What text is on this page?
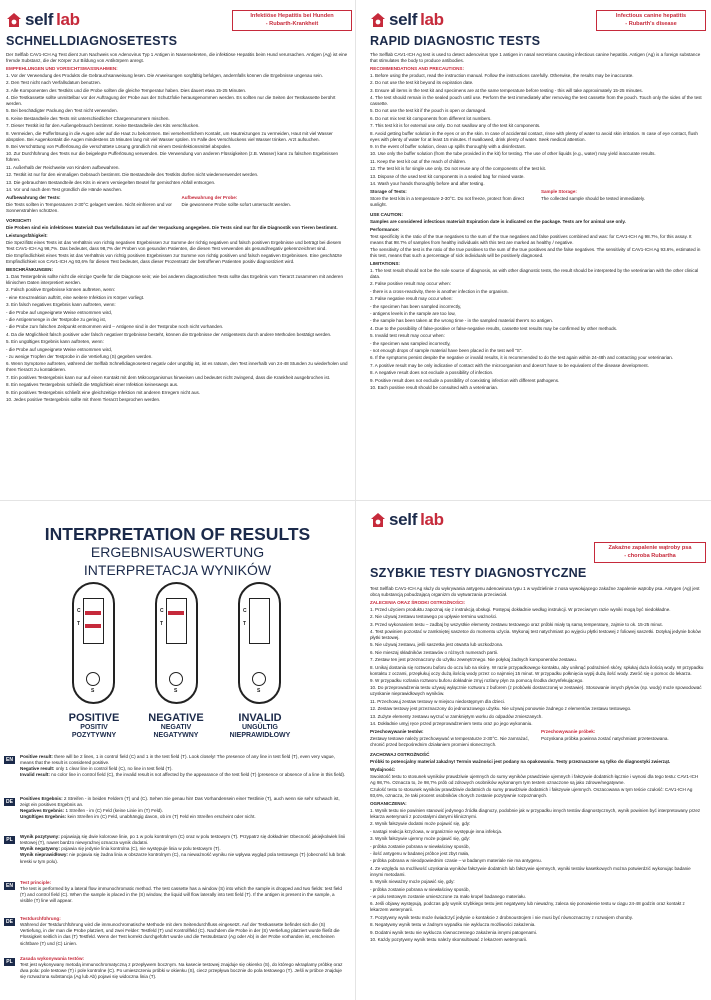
self lab	Infektiöse Hepatitis bei Hunden
- Rubarth-Krankheit
SCHNELLDIAGNOSETESTS

Der Selflab CAV1-ICH Ag Test dient zum Nachweis von Adenovirus Typ 1 Antigen in Nasensekreten, die infektiöse Hepatitis beim Hund verursachen. Antigen (Ag) ist eine fremde Substanz, die der Körper zur Bildung von Antikörpern anregt.

EMPFEHLUNGEN UND VORSICHTSMASSNAHMEN:

1. Vor der Verwendung des Produkts die Gebrauchsanweisung lesen. Die Anweisungen sorgfältig befolgen, andernfalls können die Ergebnisse ungenau sein.

2. Den Test nicht nach Verfallsdatum benutzen.

3. Alle Komponenten des Testkits und die Probe sollten die gleiche Temperatur haben. Dies dauert etwa 15-25 Minuten.

4. Die Testkassette sollte unmittelbar vor der Auftragung der Probe aus der Schutzfolie herausgenommen werden. Es sollten nur die Seiten der Testkassette berührt werden.

5. Bei beschädigter Packung den Test nicht verwenden.

6. Keine Bestandteile des Tests mit unterschiedlicher Chargennummern mischen.

7. Dieser Testkit ist für den Außengebrauch bestimmt. Keine Bestandteile des Kits verschlucken.

8. Vermeiden, die Pufferlösung in die Augen oder auf die Haut zu bekommen. Bei versehentlichem Kontakt, um Hautreizungen zu vermeiden, Haut mit viel Wasser abspülen. Bei Augenkontakt die Augen mindestens 15 Minuten lang mit viel Wasser spülen. Im Falle des Verschluckens viel Wasser trinken. Arzt aufsuchen.

9. Bei Verschüttung von Pufferlösung die verschüttete Lösung gründlich mit einem Desinfektionsmittel abspülen.

10. Zur Durchführung des Tests nur die beigelegte Pufferlösung verwenden. Die Verwendung von anderen Flüssigkeiten (z.B. Wasser) kann zu falschen Ergebnissen führen.

11. Außerhalb der Reichweite von Kindern aufbewahren.

12. Testkit ist nur für den einmaligen Gebrauch bestimmt. Die Bestandteile des Testkits dürfen nicht wiederverwendet werden.

13. Die gebrauchten Bestandteile des Kits in einem versiegelten Beutel für gemischten Abfall entsorgen.

14. Vor und nach dem Test gründlich die Hände waschen.

Aufbewahrung der Tests:

Die Tests sollten in Temperaturen 2-30°C gelagert werden. Nicht einfrieren und vor Sonnenstrahlen schützen.

Aufbewahrung der Probe:

Die gewonnene Probe sollte sofort untersucht werden.

VORSICHT!

Die Proben sind ein infektiöses Material! Das Verfallsdatum ist auf der Verpackung angegeben. Die Tests sind nur für die Diagnostik von Tieren bestimmt.

Leistungsfähigkeit:

Die Spezifität eines Tests ist das Verhältnis von richtig negativen Ergebnissen zur Summe der richtig negativen und falsch positiven Ergebnisse und beträgt bei diesem Test CAV1-ICH Ag 98,7%. Das bedeutet, dass 98,7% der Proben von gesunden Patienten, die diesen Test verwenden als gesund/negativ gekennzeichnet sind.

Die Empfindlichkeit eines Tests ist das Verhältnis von richtig positiven Ergebnissen zur Summe von richtig positiven und falsch negativen Ergebnissen. Eine geschätzte Empfindlichkeit von CAV1-ICH Ag 93,6% für diesen Test bedeutet, dass dieser Prozentsatz der betroffenen Patienten positiv diagnostiziert wird.

BESCHRÄNKUNGEN:

1. Das Testergebnis sollte nicht die einzige Quelle für die Diagnose sein; wie bei anderen diagnostischen Tests sollte das Ergebnis vom Tierarzt zusammen mit anderen klinischen Daten interpretiert werden.

2. Falsch positive Ergebnisse können auftreten, wenn:

- eine Kreuzreaktion auftritt, eine weitere Infektion im Körper vorliegt.

3. Ein falsch negatives Ergebnis kann auftreten, wenn:

- die Probe auf ungeeignete Weise entnommen wird,

- die Antigenmenge in der Testprobe zu gering ist,

- die Probe zum falschen Zeitpunkt entnommen wird – Antigene sind in der Testprobe noch nicht vorhanden.

4. Da die Möglichkeit falsch positiver oder falsch negativer Ergebnisse besteht, können die Ergebnisse der Antigentests durch andere Methoden bestätigt werden.

5. Ein ungültiges Ergebnis kann auftreten, wenn:

- die Probe auf ungeeignete Weise entnommen wird,

- zu wenige Tropfen der Testprobe in die Vertiefung (S) gegeben werden.

6. Wenn Symptome auftreten, während der Selflab Schnelldiagnosetest negativ oder ungültig ist, ist es ratsam, den Test innerhalb von 24-48 Stunden zu wiederholen und Ihren Tierarzt zu kontaktieren.

7. Ein positives Testergebnis kann nur auf einen Kontakt mit dem Mikroorganismus hinweisen und bedeutet nicht zwingend, dass die Krankheit ausgebrochen ist.

8. Ein negatives Testergebnis schließt die Möglichkeit einer Infektion keineswegs aus.

9. Ein positives Testergebnis schließt eine gleichzeitige Infektion mit anderen Erregern nicht aus.

10. Jedes positive Testergebnis sollte mit Ihrem Tierarzt besprochen werden.

self lab	Infectious canine hepatitis
- Rubarth's disease
RAPID DIAGNOSTIC TESTS

The Selflab CAV1-ICH Ag test is used to detect adenovirus type 1 antigen in nasal secretions causing infectious canine hepatitis. Antigen (Ag) is a foreign substance that stimulates the body to produce antibodies.

RECOMMENDATIONS AND PRECAUTIONS:

1. Before using the product, read the instruction manual. Follow the instructions carefully. Otherwise, the results may be inaccurate.

2. Do not use the test kit beyond its expiration date.

3. Ensure all items in the test kit and specimens are at the same temperature before testing - this will take approximately 15-25 minutes.

4. The test should remain in the sealed pouch until use. Perform the test immediately after removing the test cassette from the pouch. Touch only the sides of the test cassette.

5. Do not use the test kit if the pouch is open or damaged.

6. Do not mix test kit components from different lot numbers.

7. This test kit is for external use only. Do not swallow any of the test kit components.

8. Avoid getting buffer solution in the eyes or on the skin. In case of accidental contact, rinse with plenty of water to avoid skin irritation. In case of eye contact, flush eyes with plenty of water for at least 15 minutes. If swallowed, drink plenty of water. Seek medical attention.

9. In the event of buffer solution, clean up spills thoroughly with a disinfectant.

10. Use only the buffer solution (from the tube provided in the kit) for testing. The use of other liquids (e.g., water) may yield inaccurate results.

11. Keep the test kit out of the reach of children.

12. The test kit is for single use only. Do not reuse any of the components of the test kit.

13. Dispose of the used test kit components in a sealed bag for mixed waste.

14. Wash your hands thoroughly before and after testing.

Storage of Tests:

Store the test kits in a temperature 2-30°C. Do not freeze, protect from direct sunlight.

Sample Storage:

The collected sample should be tested immediately.

USE CAUTION:

Samples are considered infectious material! Expiration date is indicated on the package. Tests are for animal use only.

Performance:

Test specificity is the ratio of the true negatives to the sum of the true negatives and false positives combined and was: for CAV1-ICH Ag 98.7%, for this assay. It means that 98.7% of samples from healthy individuals with this test are marked as healthy / negative.

The sensitivity of the test is the ratio of the true positives to the sum of the true positives and the false negatives. The sensitivity of CAV1-ICH Ag 93.6%, estimated in this test, means that such a percentage of sick individuals will be positively diagnosed.

LIMITATIONS:

1. The test result should not be the sole source of diagnosis, as with other diagnostic tests, the result should be interpreted by the veterinarian with the other clinical data.

2. False positive result may occur when:

- there is a cross-reactivity, there is another infection in the organism.

3. False negative result may occur when:

- the specimen has been sampled incorrectly,

- antigens levels in the sample are too low,

- the sample has been taken at the wrong time - in the sampled material there's no antigen.

4. Due to the possibility of false-positive or false-negative results, cassette test results may be confirmed by other methods.

5. Invalid test result may occur when:

- the specimen was sampled incorrectly,

- not enough drops of sample material have been placed in the test well "S".

6. If the symptoms persist despite the negative or invalid results, it is recommended to do the test again within 24-48h and contacting your veterinarian.

7. A positive result may be only indicative of contact with the microorganism and doesn't have to be equivalent of the disease development.

8. A negative result does not exclude a possibility of infection.

9. Positive result does not exclude a possibility of coexisting infection with different pathogens.

10. Each positive result should be consulted with a veterinarian.

INTERPRETATION OF RESULTS
ERGEBNISAUSWERTUNG
INTERPRETACJA WYNIKÓW
C
T
S
C
T
S
C
T
S
POSITIVE
POSITIV
POZYTYWNY
NEGATIVE
NEGATIV
NEGATYWNY
INVALID
UNGÜLTIG
NIEPRAWIDŁOWY
EN

Positive result: there will be 2 lines, 1 in control field (C) and 1 in the test field (T). Look closely! The presence of any line in test field (T), even very vague, means that the result is considered positive.

Negative result: only 1 clear line in control field (C), no line in test field (T).

Invalid result: no color line in control field (C), the invalid result is not affected by the appearance of the test field (T) (presence or absence of a line in this field).

DE

Positives Ergebnis: 2 Streifen - in beiden Feldern (T) und (C). Sehen Sie genau hin! Das Vorhandensein einer Testlinie (T), auch wenn sie sehr schwach ist, zeigt ein positives Ergebnis an.

Negatives Ergebnis: 1 Streifen - im (C) Feld (keine Linie im (T) Feld).

Ungültiges Ergebnis: kein Streifen im (C) Feld, unabhängig davon, ob im (T) Feld ein Streifen erscheint oder nicht.

PL

Wynik pozytywny: pojawiają się dwie kolorowe linie, po 1 w polu kontrolnym (C) oraz w polu testowym (T). Przypatrz się dokładnie! Obecność jakiejkolwiek linii testowej (T), nawet bardzo niewyraźnej oznacza wynik dodatni.

Wynik negatywny: pojawia się jedynie linia kontrolna (C), nie występuje linia w polu testowym (T).

Wynik nieprawidłowy: nie pojawia się żadna linia w obszarze kontrolnym (C), na nieważność wyniku nie wpływa wygląd pola testowego (T) (obecność lub brak kreski w tym polu).

EN

Test principle:

The test is performed by a lateral flow immunochromatic method. The test cassette has a window (S) into which the sample is dropped and two fields: test field (T) and control field (C). When the sample is placed in the (S) window, the liquid will flow laterally into test field (T). If the antigen is present in the sample, a visible (T) line will appear.

DE

Testdurchführung:

Während der Testdurchführung wird die immunochromatische Methode mit dem Seitendurchfluss eingesetzt. Auf der Testkassette befindet sich die (S) Vertiefung, in der man die Probe platziert, und zwei Felder: Testfeld (T) und Kontrollfeld (C). Nachdem die Probe in der (S) Vertiefung platziert wurde fließt die Flüssigkeit seitlich in das (T) Testfeld. Wenn der Test korrekt durchgeführt wurde und die Testsubstanz (Ag oder Ab) in der Probe vorhanden ist, erscheinen sichtbare (T) und (C) Linien.

PL

Zasada wykonywania testów:

Test jest wykonywany metodą immunochromatyczną z przepływem bocznym. Na kasecie testowej znajduje się okienko (S), do którego wkraplamy próbkę oraz dwa pola: pole testowe (T) i pole kontrolne (C). Po umieszczeniu próbki w okienku (S), ciecz przepływa bocznie do pola testowego (T). Jeśli w próbce znajduje się rozważona substancja (Ag lub Ab) pojawi się widoczna linia (T).

self lab
Zakaźne zapalenie wątroby psa
- choroba Rubartha
SZYBKIE TESTY DIAGNOSTYCZNE

Test Selflab CAV1-ICH Ag służy do wykrywania antygenu adenowirusa typu 1 w wydzielinie z nosa wywołującego zakaźne zapalenie wątroby psa. Antygen (Ag) jest obcą substancją pobudzającą organizm do wytwarzania przeciwciał.

ZALECENIA ORAZ ŚRODKI OSTROŻNOŚCI:

1. Przed użyciem produktu zapoznaj się z instrukcją obsługi. Postępuj dokładnie według instrukcji. W przeciwnym razie wyniki mogą być niedokładne.

2. Nie używaj zestawu testowego po upływie terminu ważności.

3. Przed wykonaniem testu – zadbaj by wszystkie elementy zestawu testowego oraz próbki miały tą samą temperaturę, zajmie to ok. 15-25 minut.

4. Test powinien pozostać w zamkniętej saszetce do momentu użycia. Wykonaj test natychmiast po wyjęciu płytki testowej z foliowej saszetki. Dotykaj jedynie boków płytki testowej.

5. Nie używaj zestawu, jeśli saszetka jest otwarta lub uszkodzona.

6. Nie mieszaj składników zestawów o różnych numerach partii.

7. Zestaw ten jest przeznaczony do użytku zewnętrznego. Nie połykaj żadnych komponentów zestawu.

8. Unikaj dostania się roztworu buforu do oczu lub na skórę. W razie przypadkowego kontaktu, aby uniknąć podrażnień skóry, spłukaj duża ilością wody. W przypadku kontaktu z oczami, przepłukuj oczy dużą ilością wody przez co najmniej 15 minut. W przypadku połknięcia wypij dużą ilość wody. Zwróć się o pomoc do lekarza.

9. W przypadku rozlania roztworu buforu dokładnie zmyj rozlany płyn za pomocą środka dezynfekującego.

10. Do przeprowadzenia testu używaj wyłącznie roztworu z buforem (z probówki dostarczonej w zestawie). Stosowanie innych płynów (np. wody) może spowodować uzyskanie nieprawidłowych wyników.

11. Przechowuj zestaw testowy w miejscu niedostępnym dla dzieci.

12. Zestaw testowy jest przeznaczony do jednorazowego użytku. Nie używaj ponownie żadnego z elementów zestawu testowego.

13. Zużyte elementy zestawu wyrzuć w zamkniętym worku do odpadów zmieszanych.

14. Dokładnie umyj ręce przed przeprowadzeniem testu oraz po jego wykonaniu.

Przechowywanie testów:

Zestawy testowe należy przechowywać w temperaturze 2-30°C. Nie zamrażać, chronić przed bezpośrednim działaniem promieni słonecznych.

Przechowywanie próbek:

Pozyskana próbka powinna zostać natychmiast przetestowana.

ZACHOWAJ OSTROŻNOŚĆ

Próbki to potencjalny materiał zakaźny! Termin ważności jest podany na opakowaniu. Testy przeznaczone są tylko do diagnostyki zwierząt.

Wydajność:

Swoistość testu to stosunek wyników prawdziwie ujemnych do sumy wyników prawdziwie ujemnych i fałszywie dodatnich łącznie i wynosi dla tego testu: CAV1-ICH Ag 98,7%. Oznacza to, że 98,7% prób od zdrowych osobników wykonanym tym testem oznaczone są jako zdrowe/negatywne.

Czułość testu to stosunek wyników prawdziwie dodatnich do sumy prawdziwie dodatnich i fałszywie ujemnych. Oszacowana w tym teście czułość: CAV1-ICH Ag 93,6%, oznacza, że taki procent osobników chorych zostanie pozytywnie rozpoznanych.

OGRANICZENIA:

1. Wynik testu nie powinien stanowić jedynego źródła diagnozy, podobnie jak w przypadku innych testów diagnostycznych, wynik powinien być interpretowany przez lekarza weterynarii z pozostałymi danymi klinicznymi.

2. Wynik fałszywie dodatni może pojawić się, gdy:

- nastąpi reakcja krzyżowa, w organizmie występuje inna infekcja.

3. Wynik fałszywie ujemny może pojawić się, gdy:

- próbka zostanie pobrana w niewłaściwy sposób,

- ilość antygenu w badanej próbce jest zbyt mała,

- próbka pobrana w nieodpowiednim czasie – w badanym materiale nie ma antygenu.

4. Ze względu na możliwość uzyskania wyników fałszywie dodatnich lub fałszywie ujemnych, wyniki testów kasetkowych można potwierdzić wykonując badanie innymi metodami.

5. Wynik nieważny może pojawić się, gdy:

- próbka zostanie pobrana w niewłaściwy sposób,

- w polu testowym zostanie umieszczone za mało kropel badanego materiału.

6. Jeśli objawy występują, podczas gdy wynik szybkiego testu jest negatywny lub nieważny, zaleca się ponowienie testu w ciągu 24-48 godzin oraz kontakt z lekarzem weterynarii.

7. Pozytywny wynik testu może świadczyć jedynie o kontakcie z drobnoustrojem i nie musi być równoznaczny z rozwojem choroby.

8. Negatywny wynik testu w żadnym wypadku nie wyklucza możliwości zakażenia.

9. Dodatni wynik testu nie wyklucza równoczesnego zakażenia innymi patogenami.

10. Każdy pozytywny wynik testu należy skonsultować z lekarzem weterynarii.
